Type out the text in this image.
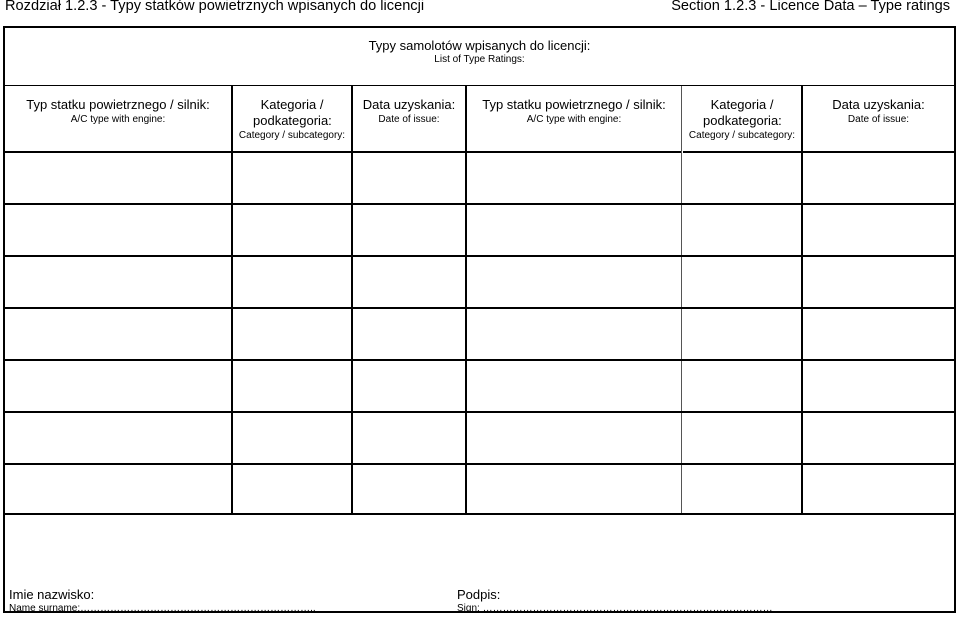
Rozdział 1.2.3 - Typy statków powietrznych wpisanych do licencji	Section 1.2.3 - Licence Data – Type ratings
Typy samolotów wpisanych do licencji:
List of Type Ratings:
Typ statku powietrznego / silnik:
A/C type with engine:
Kategoria / podkategoria:
Category / subcategory:
Data uzyskania:
Date of issue:
Typ statku powietrznego / silnik:
A/C type with engine:
Kategoria / podkategoria:
Category / subcategory:
Data uzyskania:
Date of issue:
Imie nazwisko:
Name surname:……………………………………………………………..
Podpis:
Sign: ……………………………………………………………………………
